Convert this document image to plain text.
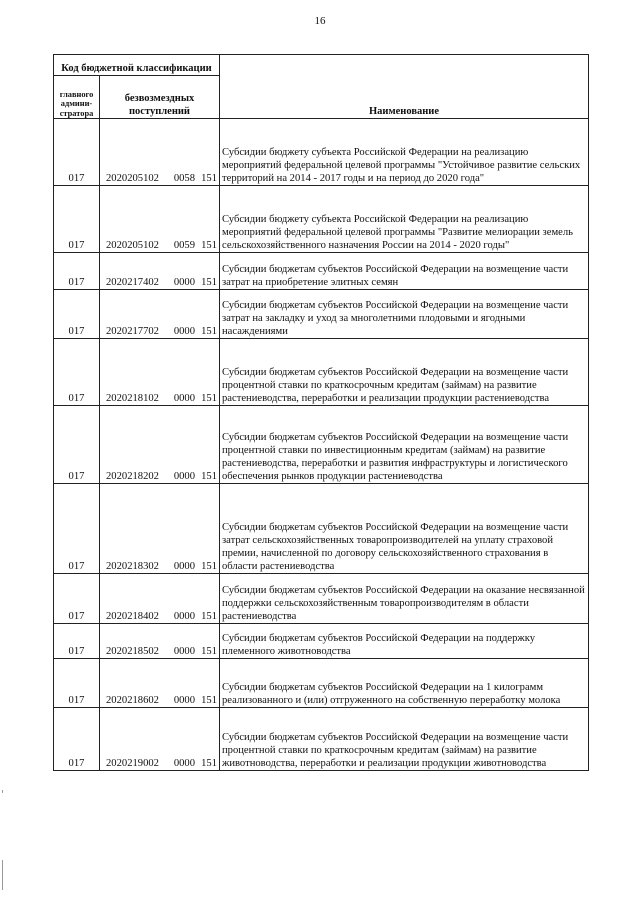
16
Код бюджетной классификации		Наименование
главного админи-стратора	безвозмездных поступлений	
017	2020205102 0058 151	Субсидии бюджету субъекта Российской Федерации на реализацию мероприятий федеральной целевой программы "Устойчивое развитие сельских территорий на 2014 - 2017 годы и на период до 2020 года"
017	2020205102 0059 151	Субсидии бюджету субъекта Российской Федерации на реализацию мероприятий федеральной целевой программы "Развитие мелиорации земель сельскохозяйственного назначения России на 2014 - 2020 годы"
017	2020217402 0000 151	Субсидии бюджетам субъектов Российской Федерации на возмещение части затрат на приобретение элитных семян
017	2020217702 0000 151	Субсидии бюджетам субъектов Российской Федерации на возмещение части затрат на закладку и уход за многолетними плодовыми и ягодными насаждениями
017	2020218102 0000 151	Субсидии бюджетам субъектов Российской Федерации на возмещение части процентной ставки по краткосрочным кредитам (займам) на развитие растениеводства, переработки и реализации продукции растениеводства
017	2020218202 0000 151	Субсидии бюджетам субъектов Российской Федерации на возмещение части процентной ставки по инвестиционным кредитам (займам) на развитие растениеводства, переработки и развития инфраструктуры и логистического обеспечения рынков продукции растениеводства
017	2020218302 0000 151	Субсидии бюджетам субъектов Российской Федерации на возмещение части затрат сельскохозяйственных товаропроизводителей на уплату страховой премии, начисленной по договору сельскохозяйственного страхования в области растениеводства
017	2020218402 0000 151	Субсидии бюджетам субъектов Российской Федерации на оказание несвязанной поддержки сельскохозяйственным товаропроизводителям в области растениеводства
017	2020218502 0000 151	Субсидии бюджетам субъектов Российской Федерации на поддержку племенного животноводства
017	2020218602 0000 151	Субсидии бюджетам субъектов Российской Федерации на 1 килограмм реализованного и (или) отгруженного на собственную переработку молока
017	2020219002 0000 151	Субсидии бюджетам субъектов Российской Федерации на возмещение части процентной ставки по краткосрочным кредитам (займам) на развитие животноводства, переработки и реализации продукции животноводства
